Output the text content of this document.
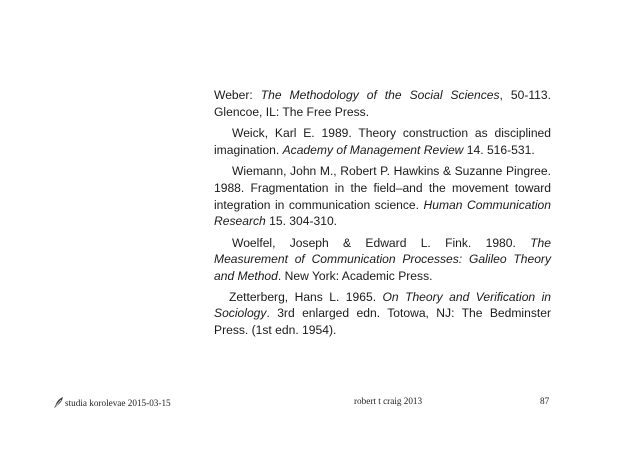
Weber: The Methodology of the Social Sciences, 50-113. Glencoe, IL: The Free Press.

Weick, Karl E. 1989. Theory construction as disciplined imagination. Academy of Management Review 14. 516-531.

Wiemann, John M., Robert P. Hawkins & Suzanne Pingree. 1988. Fragmentation in the field–and the movement toward integration in communication science. Human Communication Research 15. 304-310.

Woelfel, Joseph & Edward L. Fink. 1980. The Measurement of Communication Processes: Galileo Theory and Method. New York: Academic Press.

Zetterberg, Hans L. 1965. On Theory and Verification in Sociology. 3rd enlarged edn. Totowa, NJ: The Bedminster Press. (1st edn. 1954).

studia korolevae 2015-03-15	robert t craig 2013	87
